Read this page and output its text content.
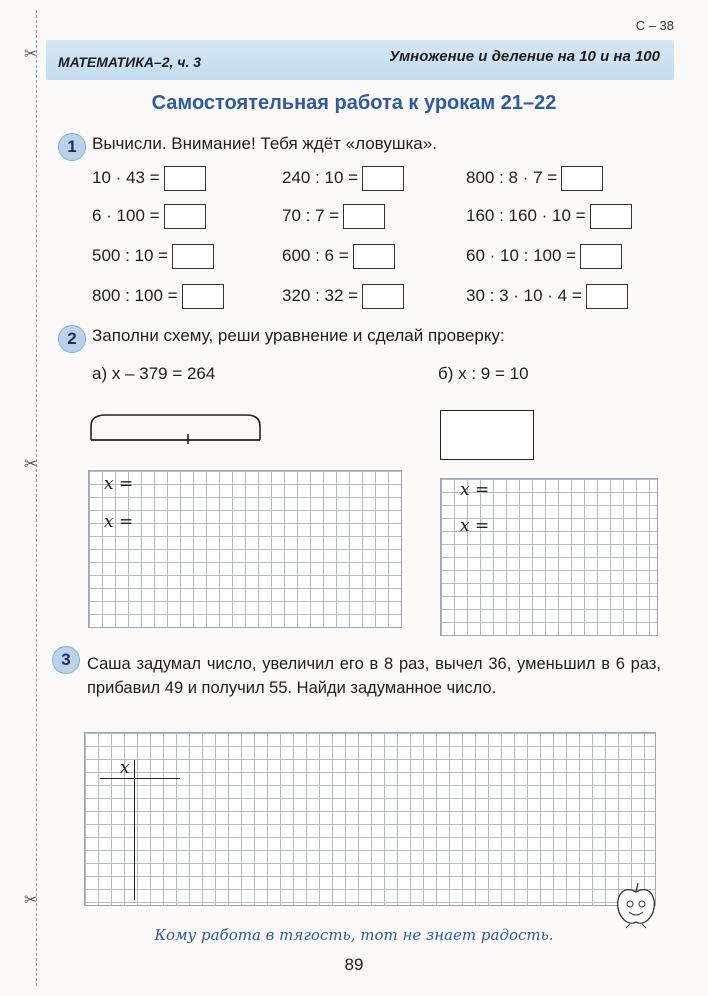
✂
✂
✂
С – 38
МАТЕМАТИКА–2, ч. 3	Умножение и деление на 10 и на 100
Самостоятельная работа к урокам 21–22
1 Вычисли. Внимание! Тебя ждёт «ловушка».
10 · 43 =	240 : 10 =	800 : 8 · 7 =
6 · 100 =	70 : 7 =	160 : 160 · 10 =
500 : 10 =	600 : 6 =	60 · 10 : 100 =
800 : 100 =	320 : 32 =	30 : 3 · 10 · 4 =
2 Заполни схему, реши уравнение и сделай проверку:
а) x – 379 = 264	б) x : 9 = 10
x =
x =
x =
x =
3 Саша задумал число, увеличил его в 8 раз, вычел 36, уменьшил в 6 раз, прибавил 49 и получил 55. Найди задуманное число.
x
Кому работа в тягость, тот не знает радость.
89
